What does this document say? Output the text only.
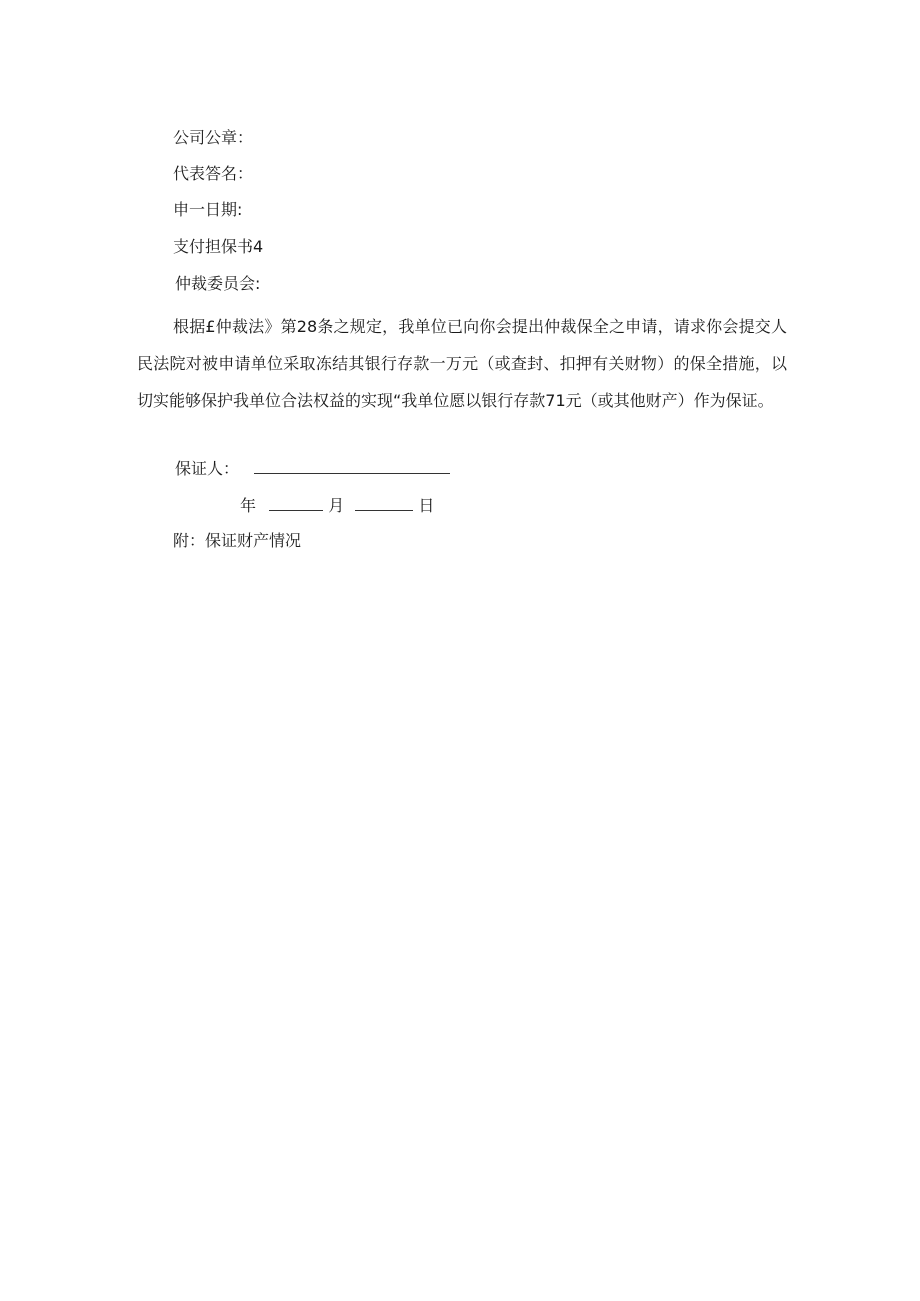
公司公章：
代表答名：
申一日期:
支付担保书4
仲裁委员会:
根据£仲裁法》第28条之规定，我单位已向你会提出仲裁保全之申请，请求你会提交人民法院对被申请单位采取冻结其银行存款一万元（或查封、扣押有关财物）的保全措施，以切实能够保护我单位合法权益的实现“我单位愿以银行存款71元（或其他财产）作为保证。
保证人：
年	月	日
附：保证财产情况
